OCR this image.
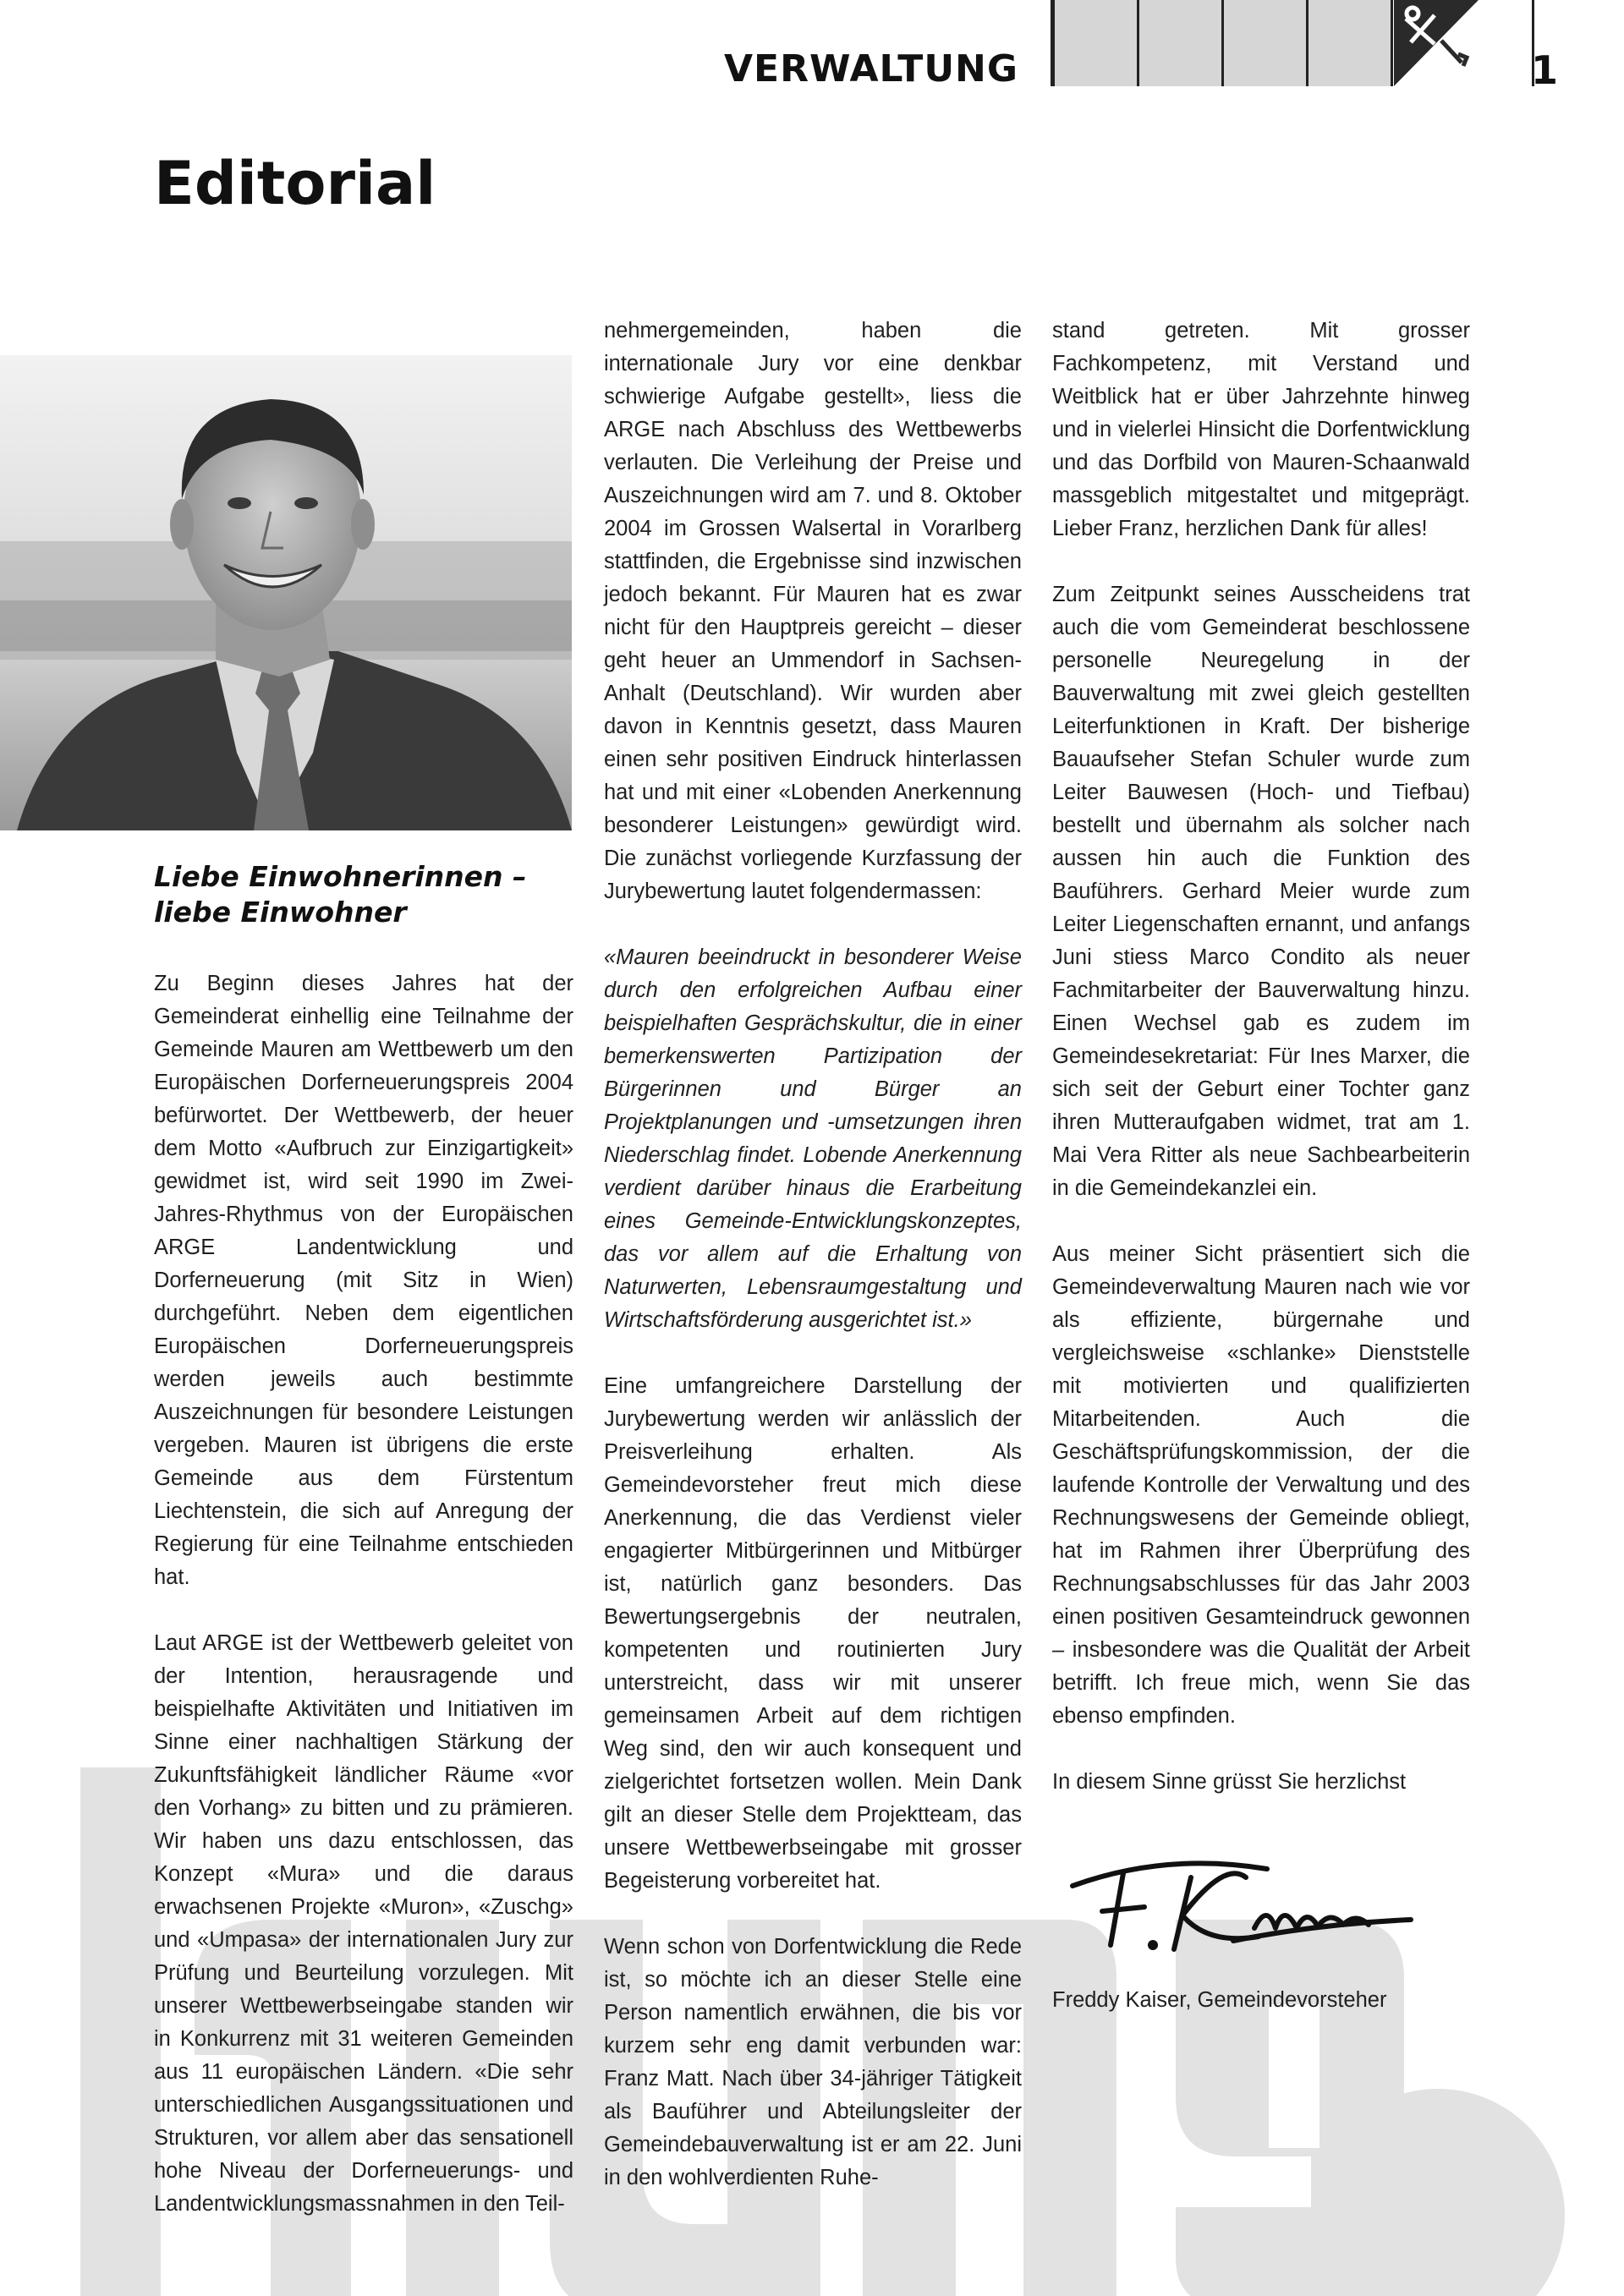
VERWALTUNG	1
Editorial
Liebe Einwohnerinnen – liebe Einwohner

Zu Beginn dieses Jahres hat der Gemeinderat einhellig eine Teilnahme der Gemeinde Mauren am Wettbewerb um den Europäischen Dorferneuerungspreis 2004 befürwortet. Der Wettbewerb, der heuer dem Motto «Aufbruch zur Einzigartigkeit» gewidmet ist, wird seit 1990 im Zwei-Jahres-Rhythmus von der Europäischen ARGE Landentwicklung und Dorferneuerung (mit Sitz in Wien) durchgeführt. Neben dem eigentlichen Europäischen Dorferneuerungspreis werden jeweils auch bestimmte Auszeichnungen für besondere Leistungen vergeben. Mauren ist übrigens die erste Gemeinde aus dem Fürstentum Liechtenstein, die sich auf Anregung der Regierung für eine Teilnahme entschieden hat.

Laut ARGE ist der Wettbewerb geleitet von der Intention, herausragende und beispielhafte Aktivitäten und Initiativen im Sinne einer nachhaltigen Stärkung der Zukunftsfähigkeit ländlicher Räume «vor den Vorhang» zu bitten und zu prämieren. Wir haben uns dazu entschlossen, das Konzept «Mura» und die daraus erwachsenen Projekte «Muron», «Zuschg» und «Umpasa» der internationalen Jury zur Prüfung und Beurteilung vorzulegen. Mit unserer Wettbewerbseingabe standen wir in Konkurrenz mit 31 weiteren Gemeinden aus 11 europäischen Ländern. «Die sehr unterschiedlichen Ausgangssituationen und Strukturen, vor allem aber das sensationell hohe Niveau der Dorferneuerungs- und Landentwicklungsmassnahmen in den Teil-

nehmergemeinden, haben die internationale Jury vor eine denkbar schwierige Aufgabe gestellt», liess die ARGE nach Abschluss des Wettbewerbs verlauten. Die Verleihung der Preise und Auszeichnungen wird am 7. und 8. Oktober 2004 im Grossen Walsertal in Vorarlberg stattfinden, die Ergebnisse sind inzwischen jedoch bekannt. Für Mauren hat es zwar nicht für den Hauptpreis gereicht – dieser geht heuer an Ummendorf in Sachsen-Anhalt (Deutschland). Wir wurden aber davon in Kenntnis gesetzt, dass Mauren einen sehr positiven Eindruck hinterlassen hat und mit einer «Lobenden Anerkennung besonderer Leistungen» gewürdigt wird. Die zunächst vorliegende Kurzfassung der Jurybewertung lautet folgendermassen:

«Mauren beeindruckt in besonderer Weise durch den erfolgreichen Aufbau einer beispielhaften Gesprächskultur, die in einer bemerkenswerten Partizipation der Bürgerinnen und Bürger an Projektplanungen und -umsetzungen ihren Niederschlag findet. Lobende Anerkennung verdient darüber hinaus die Erarbeitung eines Gemeinde-Entwicklungskonzeptes, das vor allem auf die Erhaltung von Naturwerten, Lebensraumgestaltung und Wirtschaftsförderung ausgerichtet ist.»

Eine umfangreichere Darstellung der Jurybewertung werden wir anlässlich der Preisverleihung erhalten. Als Gemeindevorsteher freut mich diese Anerkennung, die das Verdienst vieler engagierter Mitbürgerinnen und Mitbürger ist, natürlich ganz besonders. Das Bewertungsergebnis der neutralen, kompetenten und routinierten Jury unterstreicht, dass wir mit unserer gemeinsamen Arbeit auf dem richtigen Weg sind, den wir auch konsequent und zielgerichtet fortsetzen wollen. Mein Dank gilt an dieser Stelle dem Projektteam, das unsere Wettbewerbseingabe mit grosser Begeisterung vorbereitet hat.

Wenn schon von Dorfentwicklung die Rede ist, so möchte ich an dieser Stelle eine Person namentlich erwähnen, die bis vor kurzem sehr eng damit verbunden war: Franz Matt. Nach über 34-jähriger Tätigkeit als Bauführer und Abteilungsleiter der Gemeindebauverwaltung ist er am 22. Juni in den wohlverdienten Ruhe-

stand getreten. Mit grosser Fachkompetenz, mit Verstand und Weitblick hat er über Jahrzehnte hinweg und in vielerlei Hinsicht die Dorfentwicklung und das Dorfbild von Mauren-Schaanwald massgeblich mitgestaltet und mitgeprägt. Lieber Franz, herzlichen Dank für alles!

Zum Zeitpunkt seines Ausscheidens trat auch die vom Gemeinderat beschlossene personelle Neuregelung in der Bauverwaltung mit zwei gleich gestellten Leiterfunktionen in Kraft. Der bisherige Bauaufseher Stefan Schuler wurde zum Leiter Bauwesen (Hoch- und Tiefbau) bestellt und übernahm als solcher nach aussen hin auch die Funktion des Bauführers. Gerhard Meier wurde zum Leiter Liegenschaften ernannt, und anfangs Juni stiess Marco Condito als neuer Fachmitarbeiter der Bauverwaltung hinzu. Einen Wechsel gab es zudem im Gemeindesekretariat: Für Ines Marxer, die sich seit der Geburt einer Tochter ganz ihren Mutteraufgaben widmet, trat am 1. Mai Vera Ritter als neue Sachbearbeiterin in die Gemeindekanzlei ein.

Aus meiner Sicht präsentiert sich die Gemeindeverwaltung Mauren nach wie vor als effiziente, bürgernahe und vergleichsweise «schlanke» Dienststelle mit motivierten und qualifizierten Mitarbeitenden. Auch die Geschäftsprüfungskommission, der die laufende Kontrolle der Verwaltung und des Rechnungswesens der Gemeinde obliegt, hat im Rahmen ihrer Überprüfung des Rechnungsabschlusses für das Jahr 2003 einen positiven Gesamteindruck gewonnen – insbesondere was die Qualität der Arbeit betrifft. Ich freue mich, wenn Sie das ebenso empfinden.

In diesem Sinne grüsst Sie herzlichst

Freddy Kaiser, Gemeindevorsteher
